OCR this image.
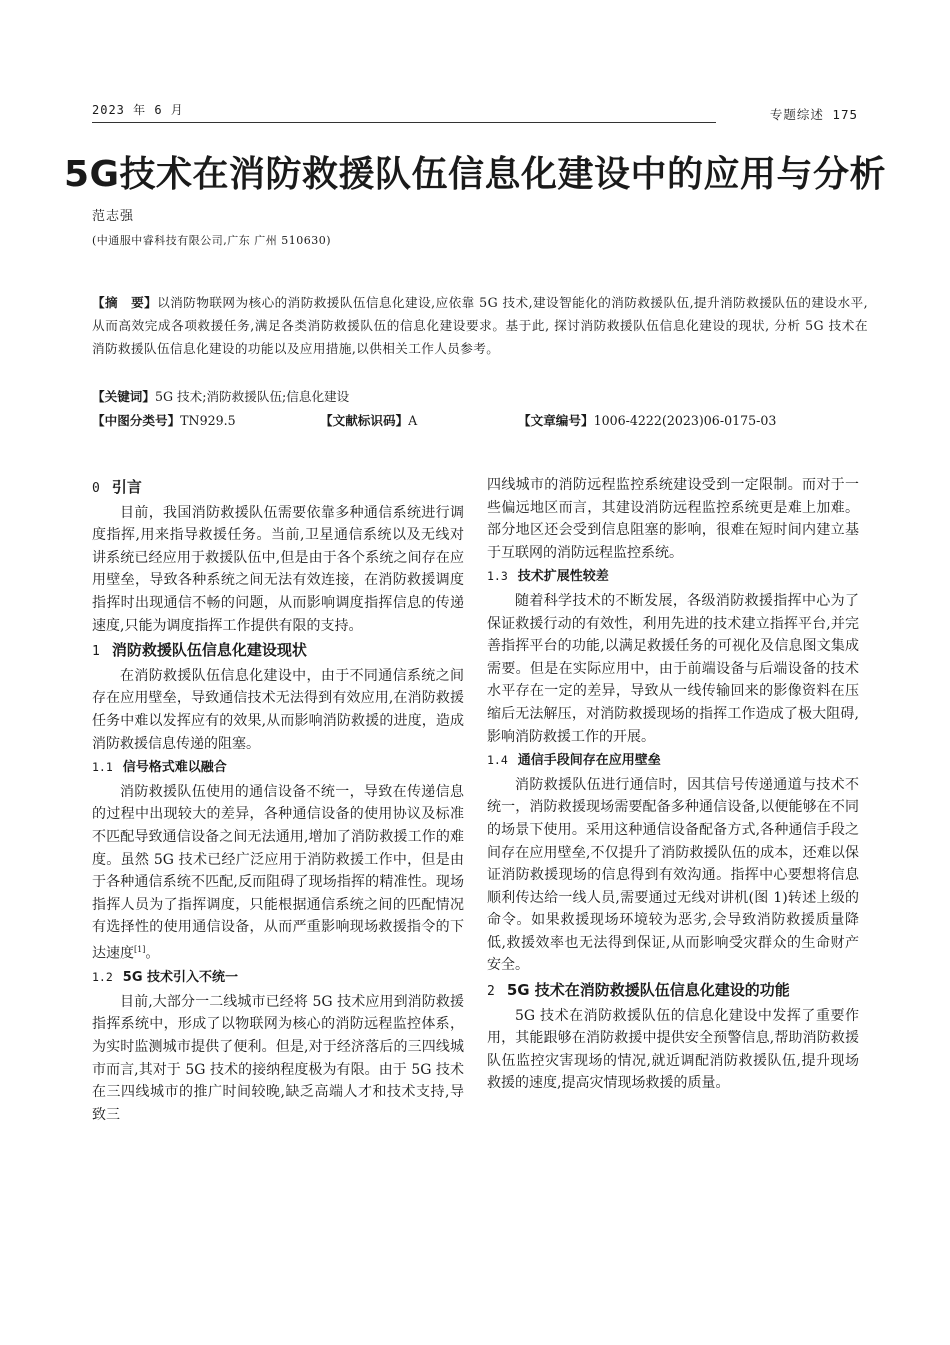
2023 年 6 月	专题综述 175
5G技术在消防救援队伍信息化建设中的应用与分析
范志强
(中通服中睿科技有限公司,广东 广州 510630)
【摘　要】以消防物联网为核心的消防救援队伍信息化建设,应依靠 5G 技术,建设智能化的消防救援队伍,提升消防救援队伍的建设水平,从而高效完成各项救援任务,满足各类消防救援队伍的信息化建设要求。基于此, 探讨消防救援队伍信息化建设的现状, 分析 5G 技术在消防救援队伍信息化建设的功能以及应用措施,以供相关工作人员参考。
【关键词】5G 技术;消防救援队伍;信息化建设
【中图分类号】TN929.5	【文献标识码】A	【文章编号】1006-4222(2023)06-0175-03
0 引言

目前，我国消防救援队伍需要依靠多种通信系统进行调度指挥,用来指导救援任务。当前,卫星通信系统以及无线对讲系统已经应用于救援队伍中,但是由于各个系统之间存在应用壁垒，导致各种系统之间无法有效连接，在消防救援调度指挥时出现通信不畅的问题，从而影响调度指挥信息的传递速度,只能为调度指挥工作提供有限的支持。

1 消防救援队伍信息化建设现状

在消防救援队伍信息化建设中，由于不同通信系统之间存在应用壁垒，导致通信技术无法得到有效应用,在消防救援任务中难以发挥应有的效果,从而影响消防救援的进度，造成消防救援信息传递的阻塞。

1.1 信号格式难以融合

消防救援队伍使用的通信设备不统一，导致在传递信息的过程中出现较大的差异，各种通信设备的使用协议及标准不匹配导致通信设备之间无法通用,增加了消防救援工作的难度。虽然 5G 技术已经广泛应用于消防救援工作中，但是由于各种通信系统不匹配,反而阻碍了现场指挥的精准性。现场指挥人员为了指挥调度，只能根据通信系统之间的匹配情况有选择性的使用通信设备，从而严重影响现场救援指令的下达速度[1]。

1.2 5G 技术引入不统一

目前,大部分一二线城市已经将 5G 技术应用到消防救援指挥系统中，形成了以物联网为核心的消防远程监控体系，为实时监测城市提供了便利。但是,对于经济落后的三四线城市而言,其对于 5G 技术的接纳程度极为有限。由于 5G 技术在三四线城市的推广时间较晚,缺乏高端人才和技术支持,导致三

四线城市的消防远程监控系统建设受到一定限制。而对于一些偏远地区而言，其建设消防远程监控系统更是难上加难。部分地区还会受到信息阻塞的影响，很难在短时间内建立基于互联网的消防远程监控系统。

1.3 技术扩展性较差

随着科学技术的不断发展，各级消防救援指挥中心为了保证救援行动的有效性，利用先进的技术建立指挥平台,并完善指挥平台的功能,以满足救援任务的可视化及信息图文集成需要。但是在实际应用中，由于前端设备与后端设备的技术水平存在一定的差异，导致从一线传输回来的影像资料在压缩后无法解压，对消防救援现场的指挥工作造成了极大阻碍,影响消防救援工作的开展。

1.4 通信手段间存在应用壁垒

消防救援队伍进行通信时，因其信号传递通道与技术不统一，消防救援现场需要配备多种通信设备,以便能够在不同的场景下使用。采用这种通信设备配备方式,各种通信手段之间存在应用壁垒,不仅提升了消防救援队伍的成本，还难以保证消防救援现场的信息得到有效沟通。指挥中心要想将信息顺利传达给一线人员,需要通过无线对讲机(图 1)转述上级的命令。如果救援现场环境较为恶劣,会导致消防救援质量降低,救援效率也无法得到保证,从而影响受灾群众的生命财产安全。

2 5G 技术在消防救援队伍信息化建设的功能

5G 技术在消防救援队伍的信息化建设中发挥了重要作用，其能跟够在消防救援中提供安全预警信息,帮助消防救援队伍监控灾害现场的情况,就近调配消防救援队伍,提升现场救援的速度,提高灾情现场救援的质量。
